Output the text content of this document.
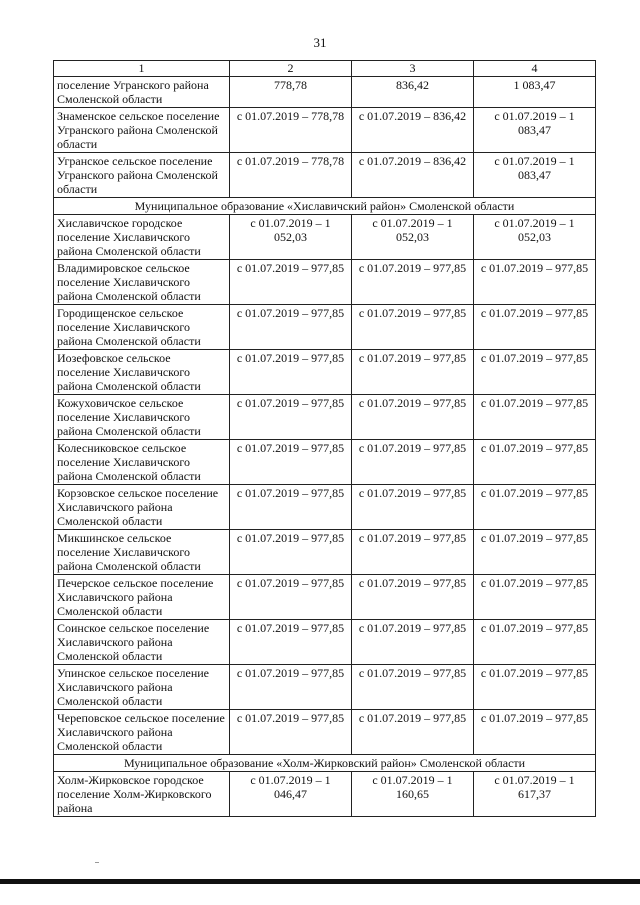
31
1	2	3	4
поселение Угранского района Смоленской области	778,78	836,42	1 083,47
Знаменское сельское поселение Угранского района Смоленской области	с 01.07.2019 – 778,78	с 01.07.2019 – 836,42	с 01.07.2019 – 1 083,47
Угранское сельское поселение Угранского района Смоленской области	с 01.07.2019 – 778,78	с 01.07.2019 – 836,42	с 01.07.2019 – 1 083,47
Муниципальное образование «Хиславичский район» Смоленской области			
Хиславичское городское поселение Хиславичского района Смоленской области	с 01.07.2019 – 1 052,03	с 01.07.2019 – 1 052,03	с 01.07.2019 – 1 052,03
Владимировское сельское поселение Хиславичского района Смоленской области	с 01.07.2019 – 977,85	с 01.07.2019 – 977,85	с 01.07.2019 – 977,85
Городищенское сельское поселение Хиславичского района Смоленской области	с 01.07.2019 – 977,85	с 01.07.2019 – 977,85	с 01.07.2019 – 977,85
Иозефовское сельское поселение Хиславичского района Смоленской области	с 01.07.2019 – 977,85	с 01.07.2019 – 977,85	с 01.07.2019 – 977,85
Кожуховичское сельское поселение Хиславичского района Смоленской области	с 01.07.2019 – 977,85	с 01.07.2019 – 977,85	с 01.07.2019 – 977,85
Колесниковское сельское поселение Хиславичского района Смоленской области	с 01.07.2019 – 977,85	с 01.07.2019 – 977,85	с 01.07.2019 – 977,85
Корзовское сельское поселение Хиславичского района Смоленской области	с 01.07.2019 – 977,85	с 01.07.2019 – 977,85	с 01.07.2019 – 977,85
Микшинское сельское поселение Хиславичского района Смоленской области	с 01.07.2019 – 977,85	с 01.07.2019 – 977,85	с 01.07.2019 – 977,85
Печерское сельское поселение Хиславичского района Смоленской области	с 01.07.2019 – 977,85	с 01.07.2019 – 977,85	с 01.07.2019 – 977,85
Соинское сельское поселение Хиславичского района Смоленской области	с 01.07.2019 – 977,85	с 01.07.2019 – 977,85	с 01.07.2019 – 977,85
Упинское сельское поселение Хиславичского района Смоленской области	с 01.07.2019 – 977,85	с 01.07.2019 – 977,85	с 01.07.2019 – 977,85
Череповское сельское поселение Хиславичского района Смоленской области	с 01.07.2019 – 977,85	с 01.07.2019 – 977,85	с 01.07.2019 – 977,85
Муниципальное образование «Холм-Жирковский район» Смоленской области			
Холм-Жирковское городское поселение Холм-Жирковского района	с 01.07.2019 – 1 046,47	с 01.07.2019 – 1 160,65	с 01.07.2019 – 1 617,37
